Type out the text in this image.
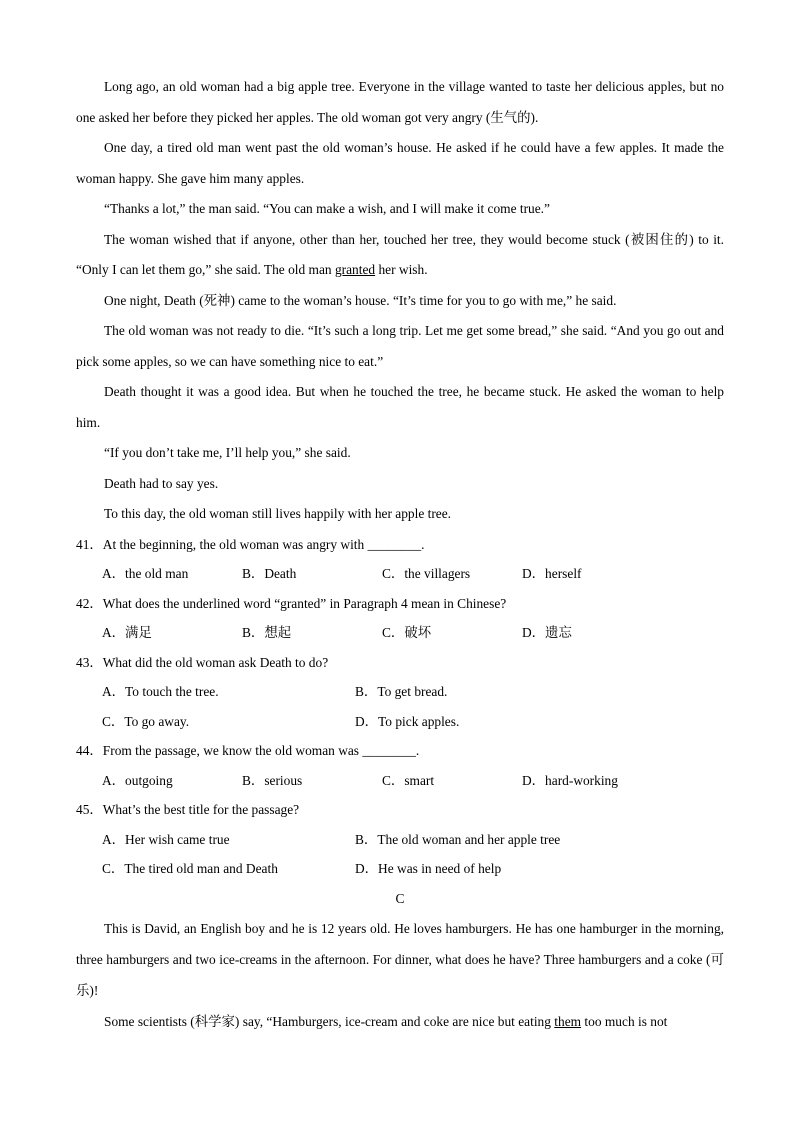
Long ago, an old woman had a big apple tree. Everyone in the village wanted to taste her delicious apples, but no one asked her before they picked her apples. The old woman got very angry (生气的).

One day, a tired old man went past the old woman’s house. He asked if he could have a few apples. It made the woman happy. She gave him many apples.

“Thanks a lot,” the man said. “You can make a wish, and I will make it come true.”

The woman wished that if anyone, other than her, touched her tree, they would become stuck (被困住的) to it. “Only I can let them go,” she said. The old man granted her wish.

One night, Death (死神) came to the woman’s house. “It’s time for you to go with me,” he said.

The old woman was not ready to die. “It’s such a long trip. Let me get some bread,” she said. “And you go out and pick some apples, so we can have something nice to eat.”

Death thought it was a good idea. But when he touched the tree, he became stuck. He asked the woman to help him.

“If you don’t take me, I’ll help you,” she said.

Death had to say yes.

To this day, the old woman still lives happily with her apple tree.

41．At the beginning, the old woman was angry with ________.

A．the old man	B．Death	C．the villagers	D．herself

42．What does the underlined word “granted” in Paragraph 4 mean in Chinese?

A．满足	B．想起	C．破坏	D．遗忘

43．What did the old woman ask Death to do?

A．To touch the tree.	B．To get bread.
C．To go away.	D．To pick apples.

44．From the passage, we know the old woman was ________.

A．outgoing	B．serious	C．smart	D．hard-working

45．What’s the best title for the passage?

A．Her wish came true	B．The old woman and her apple tree
C．The tired old man and Death	D．He was in need of help

C

This is David, an English boy and he is 12 years old. He loves hamburgers. He has one hamburger in the morning, three hamburgers and two ice-creams in the afternoon. For dinner, what does he have? Three hamburgers and a coke (可乐)!

Some scientists (科学家) say, “Hamburgers, ice-cream and coke are nice but eating them too much is not
